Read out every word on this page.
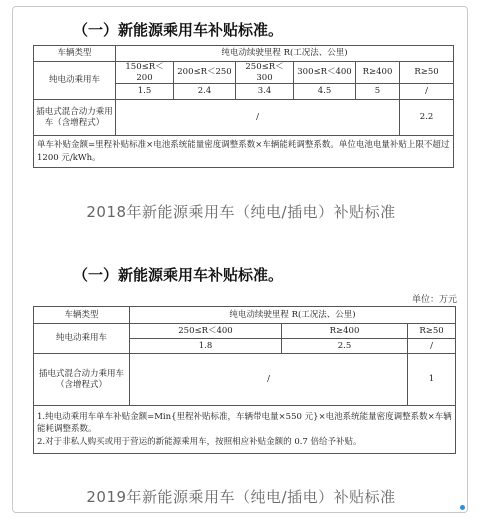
（一）新能源乘用车补贴标准。
车辆类型	纯电动续驶里程 R(工况法、公里)					
纯电动乘用车	150≤R＜200	200≤R＜250	250≤R＜300	300≤R＜400	R≥400	R≥50
	1.5	2.4	3.4	4.5	5	/
插电式混合动力乘用车（含增程式）	/					2.2
单车补贴金额=里程补贴标准×电池系统能量密度调整系数×车辆能耗调整系数。单位电池电量补贴上限不超过 1200 元/kWh。						
2018年新能源乘用车（纯电/插电）补贴标准
（一）新能源乘用车补贴标准。
单位：万元
车辆类型	纯电动续驶里程 R(工况法、公里)		
纯电动乘用车	250≤R＜400	R≥400	R≥50
	1.8	2.5	/
插电式混合动力乘用车（含增程式）	/		1

1.纯电动乘用车单车补贴金额=Min{里程补贴标准，车辆带电量×550 元}×电池系统能量密度调整系数×车辆能耗调整系数。
2.对于非私人购买或用于营运的新能源乘用车，按照相应补贴金额的 0.7 倍给予补贴。			
2019年新能源乘用车（纯电/插电）补贴标准
